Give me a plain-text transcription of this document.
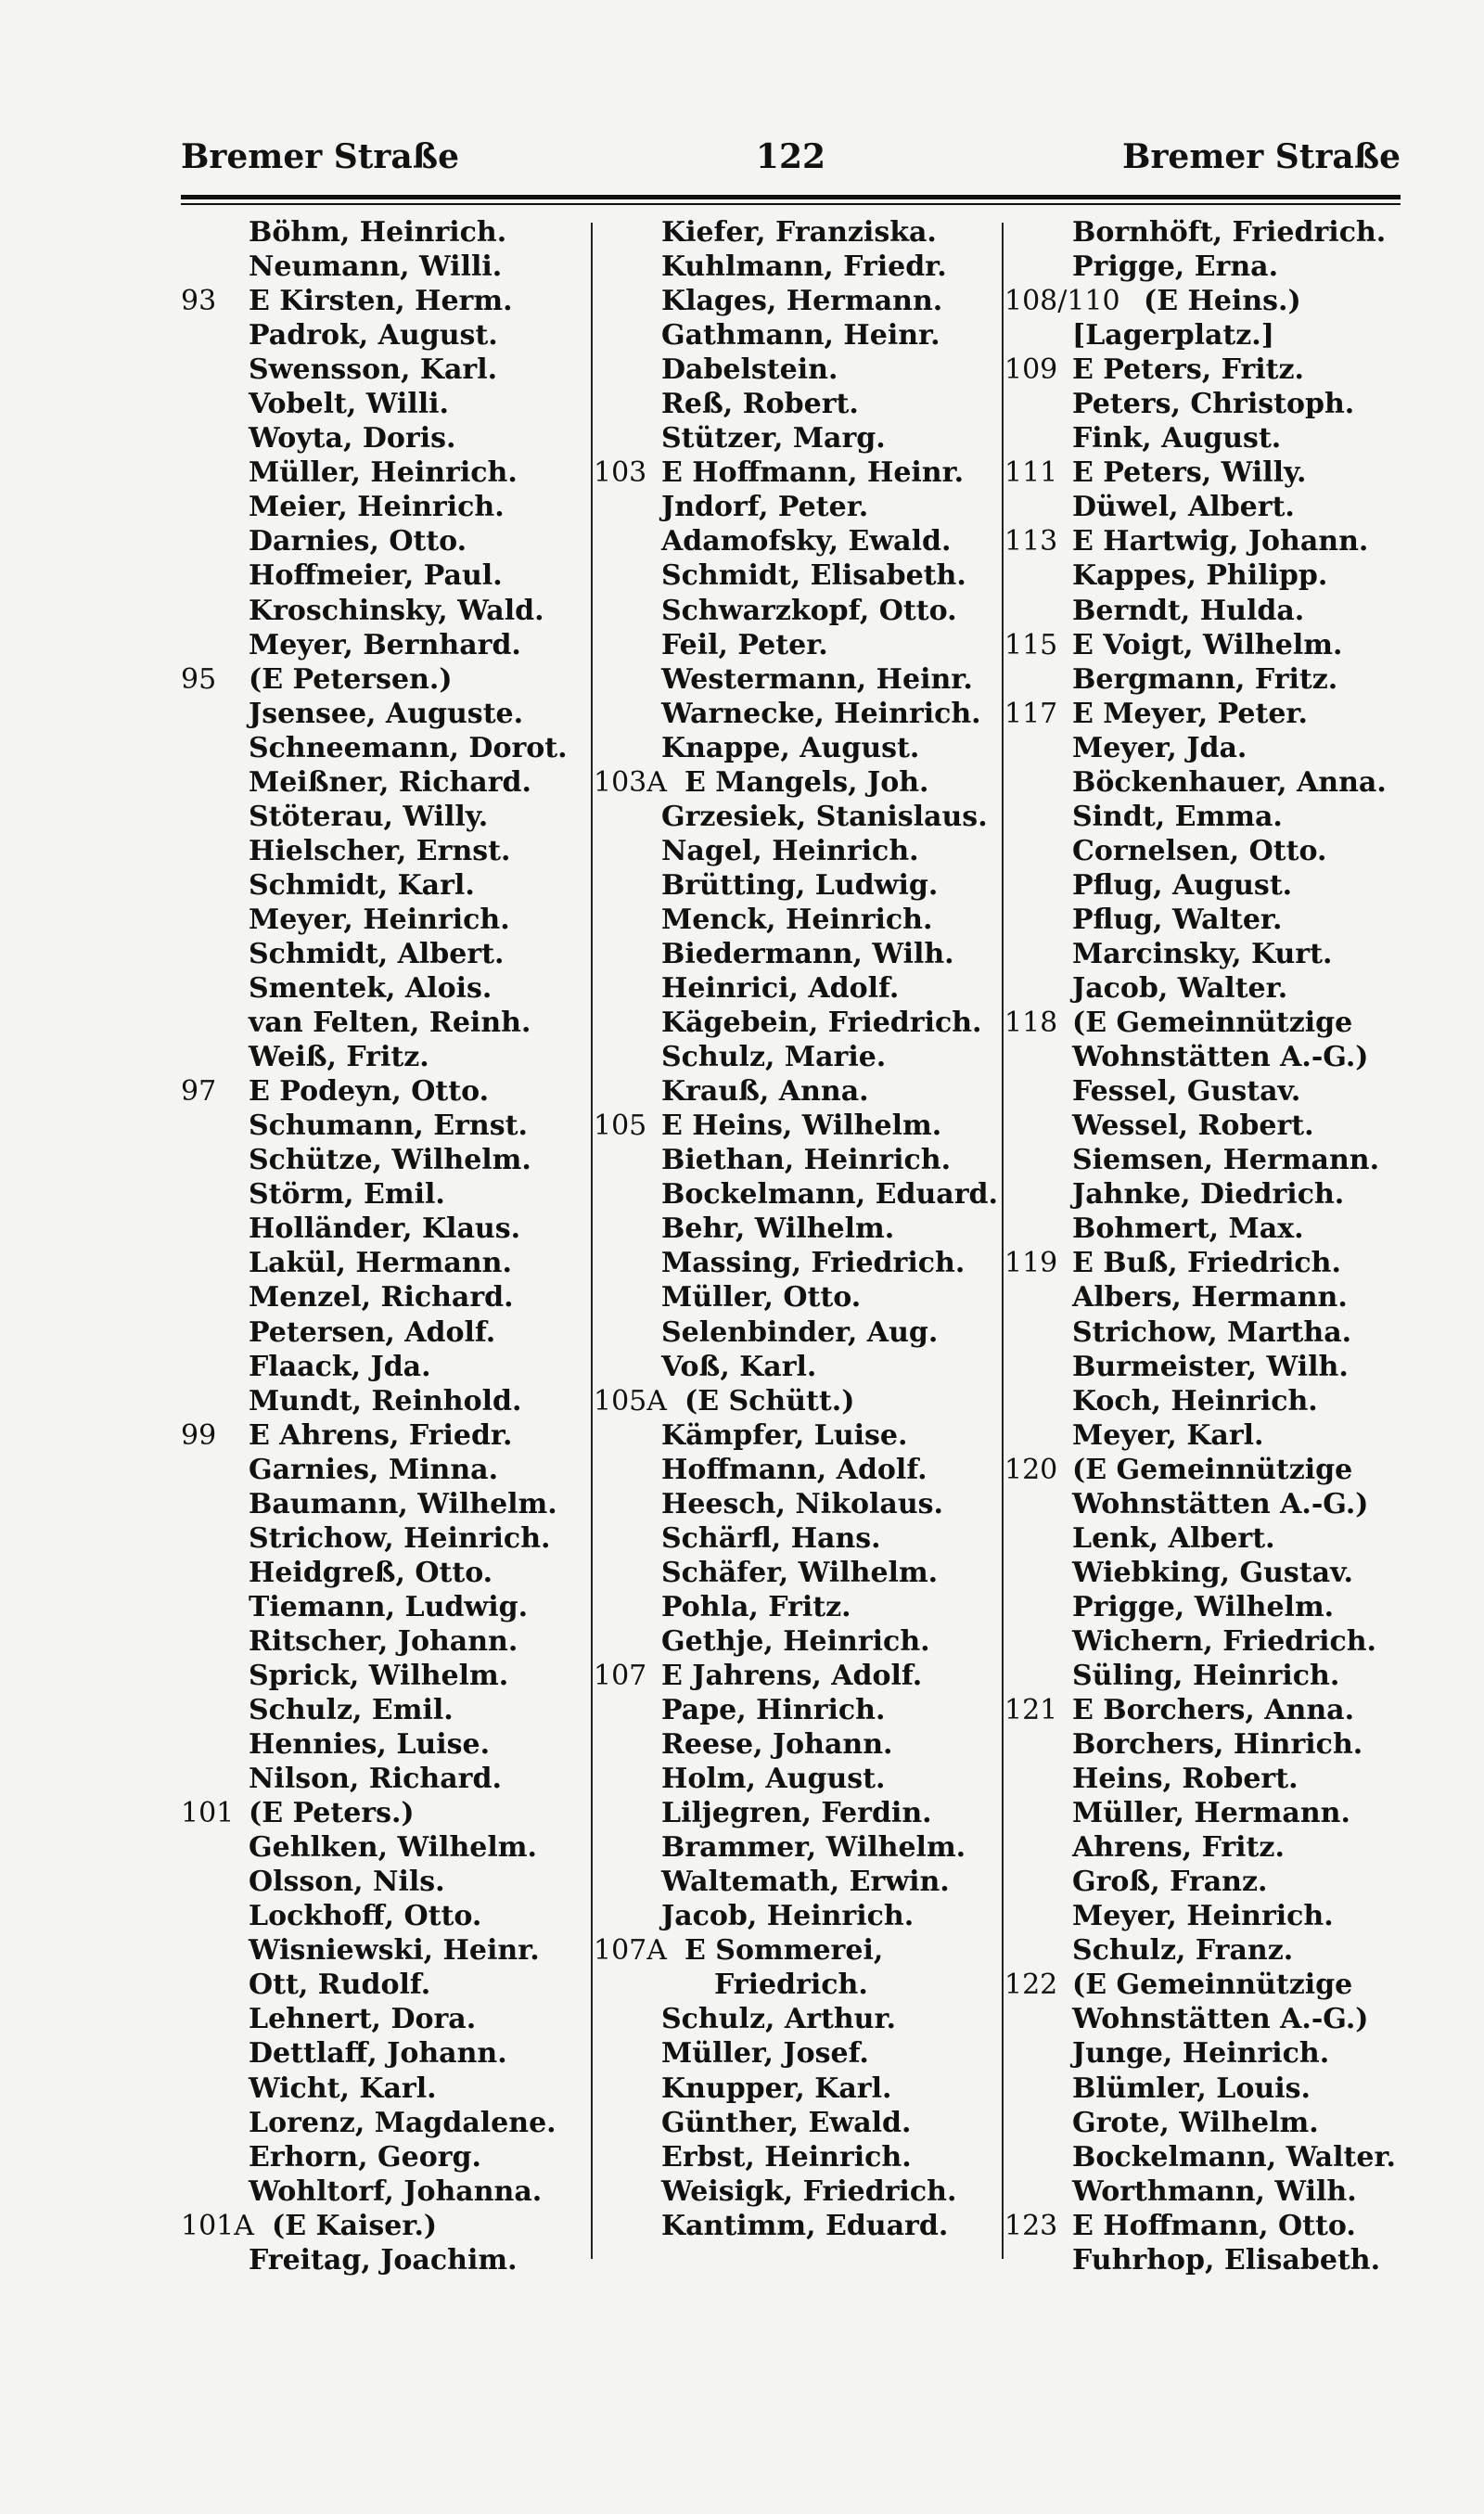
Bremer Straße	122	Bremer Straße
Böhm, Heinrich.
Neumann, Willi.
93 E Kirsten, Herm.
Padrok, August.
Swensson, Karl.
Vobelt, Willi.
Woyta, Doris.
Müller, Heinrich.
Meier, Heinrich.
Darnies, Otto.
Hoffmeier, Paul.
Kroschinsky, Wald.
Meyer, Bernhard.
95 (E Petersen.)
Jsensee, Auguste.
Schneemann, Dorot.
Meißner, Richard.
Stöterau, Willy.
Hielscher, Ernst.
Schmidt, Karl.
Meyer, Heinrich.
Schmidt, Albert.
Smentek, Alois.
van Felten, Reinh.
Weiß, Fritz.
97 E Podeyn, Otto.
Schumann, Ernst.
Schütze, Wilhelm.
Störm, Emil.
Holländer, Klaus.
Lakül, Hermann.
Menzel, Richard.
Petersen, Adolf.
Flaack, Jda.
Mundt, Reinhold.
99 E Ahrens, Friedr.
Garnies, Minna.
Baumann, Wilhelm.
Strichow, Heinrich.
Heidgreß, Otto.
Tiemann, Ludwig.
Ritscher, Johann.
Sprick, Wilhelm.
Schulz, Emil.
Hennies, Luise.
Nilson, Richard.
101 (E Peters.)
Gehlken, Wilhelm.
Olsson, Nils.
Lockhoff, Otto.
Wisniewski, Heinr.
Ott, Rudolf.
Lehnert, Dora.
Dettlaff, Johann.
Wicht, Karl.
Lorenz, Magdalene.
Erhorn, Georg.
Wohltorf, Johanna.
101A (E Kaiser.)
Freitag, Joachim.
Kiefer, Franziska.
Kuhlmann, Friedr.
Klages, Hermann.
Gathmann, Heinr.
Dabelstein.
Reß, Robert.
Stützer, Marg.
103 E Hoffmann, Heinr.
Jndorf, Peter.
Adamofsky, Ewald.
Schmidt, Elisabeth.
Schwarzkopf, Otto.
Feil, Peter.
Westermann, Heinr.
Warnecke, Heinrich.
Knappe, August.
103A E Mangels, Joh.
Grzesiek, Stanislaus.
Nagel, Heinrich.
Brütting, Ludwig.
Menck, Heinrich.
Biedermann, Wilh.
Heinrici, Adolf.
Kägebein, Friedrich.
Schulz, Marie.
Krauß, Anna.
105 E Heins, Wilhelm.
Biethan, Heinrich.
Bockelmann, Eduard.
Behr, Wilhelm.
Massing, Friedrich.
Müller, Otto.
Selenbinder, Aug.
Voß, Karl.
105A (E Schütt.)
Kämpfer, Luise.
Hoffmann, Adolf.
Heesch, Nikolaus.
Schärfl, Hans.
Schäfer, Wilhelm.
Pohla, Fritz.
Gethje, Heinrich.
107 E Jahrens, Adolf.
Pape, Hinrich.
Reese, Johann.
Holm, August.
Liljegren, Ferdin.
Brammer, Wilhelm.
Waltemath, Erwin.
Jacob, Heinrich.
107A E Sommerei,
Friedrich.
Schulz, Arthur.
Müller, Josef.
Knupper, Karl.
Günther, Ewald.
Erbst, Heinrich.
Weisigk, Friedrich.
Kantimm, Eduard.
Bornhöft, Friedrich.
Prigge, Erna.
108/110 (E Heins.)
[Lagerplatz.]
109 E Peters, Fritz.
Peters, Christoph.
Fink, August.
111 E Peters, Willy.
Düwel, Albert.
113 E Hartwig, Johann.
Kappes, Philipp.
Berndt, Hulda.
115 E Voigt, Wilhelm.
Bergmann, Fritz.
117 E Meyer, Peter.
Meyer, Jda.
Böckenhauer, Anna.
Sindt, Emma.
Cornelsen, Otto.
Pflug, August.
Pflug, Walter.
Marcinsky, Kurt.
Jacob, Walter.
118 (E Gemeinnützige
Wohnstätten A.-G.)
Fessel, Gustav.
Wessel, Robert.
Siemsen, Hermann.
Jahnke, Diedrich.
Bohmert, Max.
119 E Buß, Friedrich.
Albers, Hermann.
Strichow, Martha.
Burmeister, Wilh.
Koch, Heinrich.
Meyer, Karl.
120 (E Gemeinnützige
Wohnstätten A.-G.)
Lenk, Albert.
Wiebking, Gustav.
Prigge, Wilhelm.
Wichern, Friedrich.
Süling, Heinrich.
121 E Borchers, Anna.
Borchers, Hinrich.
Heins, Robert.
Müller, Hermann.
Ahrens, Fritz.
Groß, Franz.
Meyer, Heinrich.
Schulz, Franz.
122 (E Gemeinnützige
Wohnstätten A.-G.)
Junge, Heinrich.
Blümler, Louis.
Grote, Wilhelm.
Bockelmann, Walter.
Worthmann, Wilh.
123 E Hoffmann, Otto.
Fuhrhop, Elisabeth.
